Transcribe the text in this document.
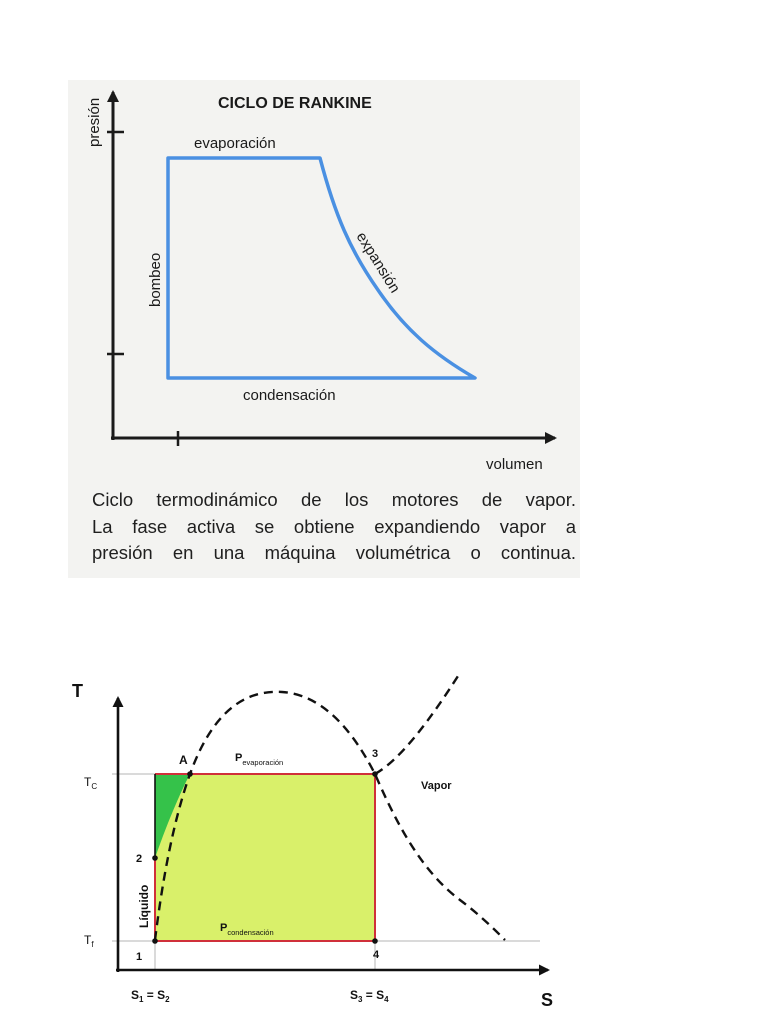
CICLO DE RANKINE
presión
volumen
evaporación
bombeo	expansión
condensación
T
S
$T_C$
$T_f$
$S_1 = S_2$	$S_3 = S_4$
1
2
3
4
A	$P_{evaporación}$
$P_{condensación}$
Líquido
Vapor
Ciclo termodinámico de los motores de vapor.
La fase activa se obtiene expandiendo vapor a
presión en una máquina volumétrica o continua.
